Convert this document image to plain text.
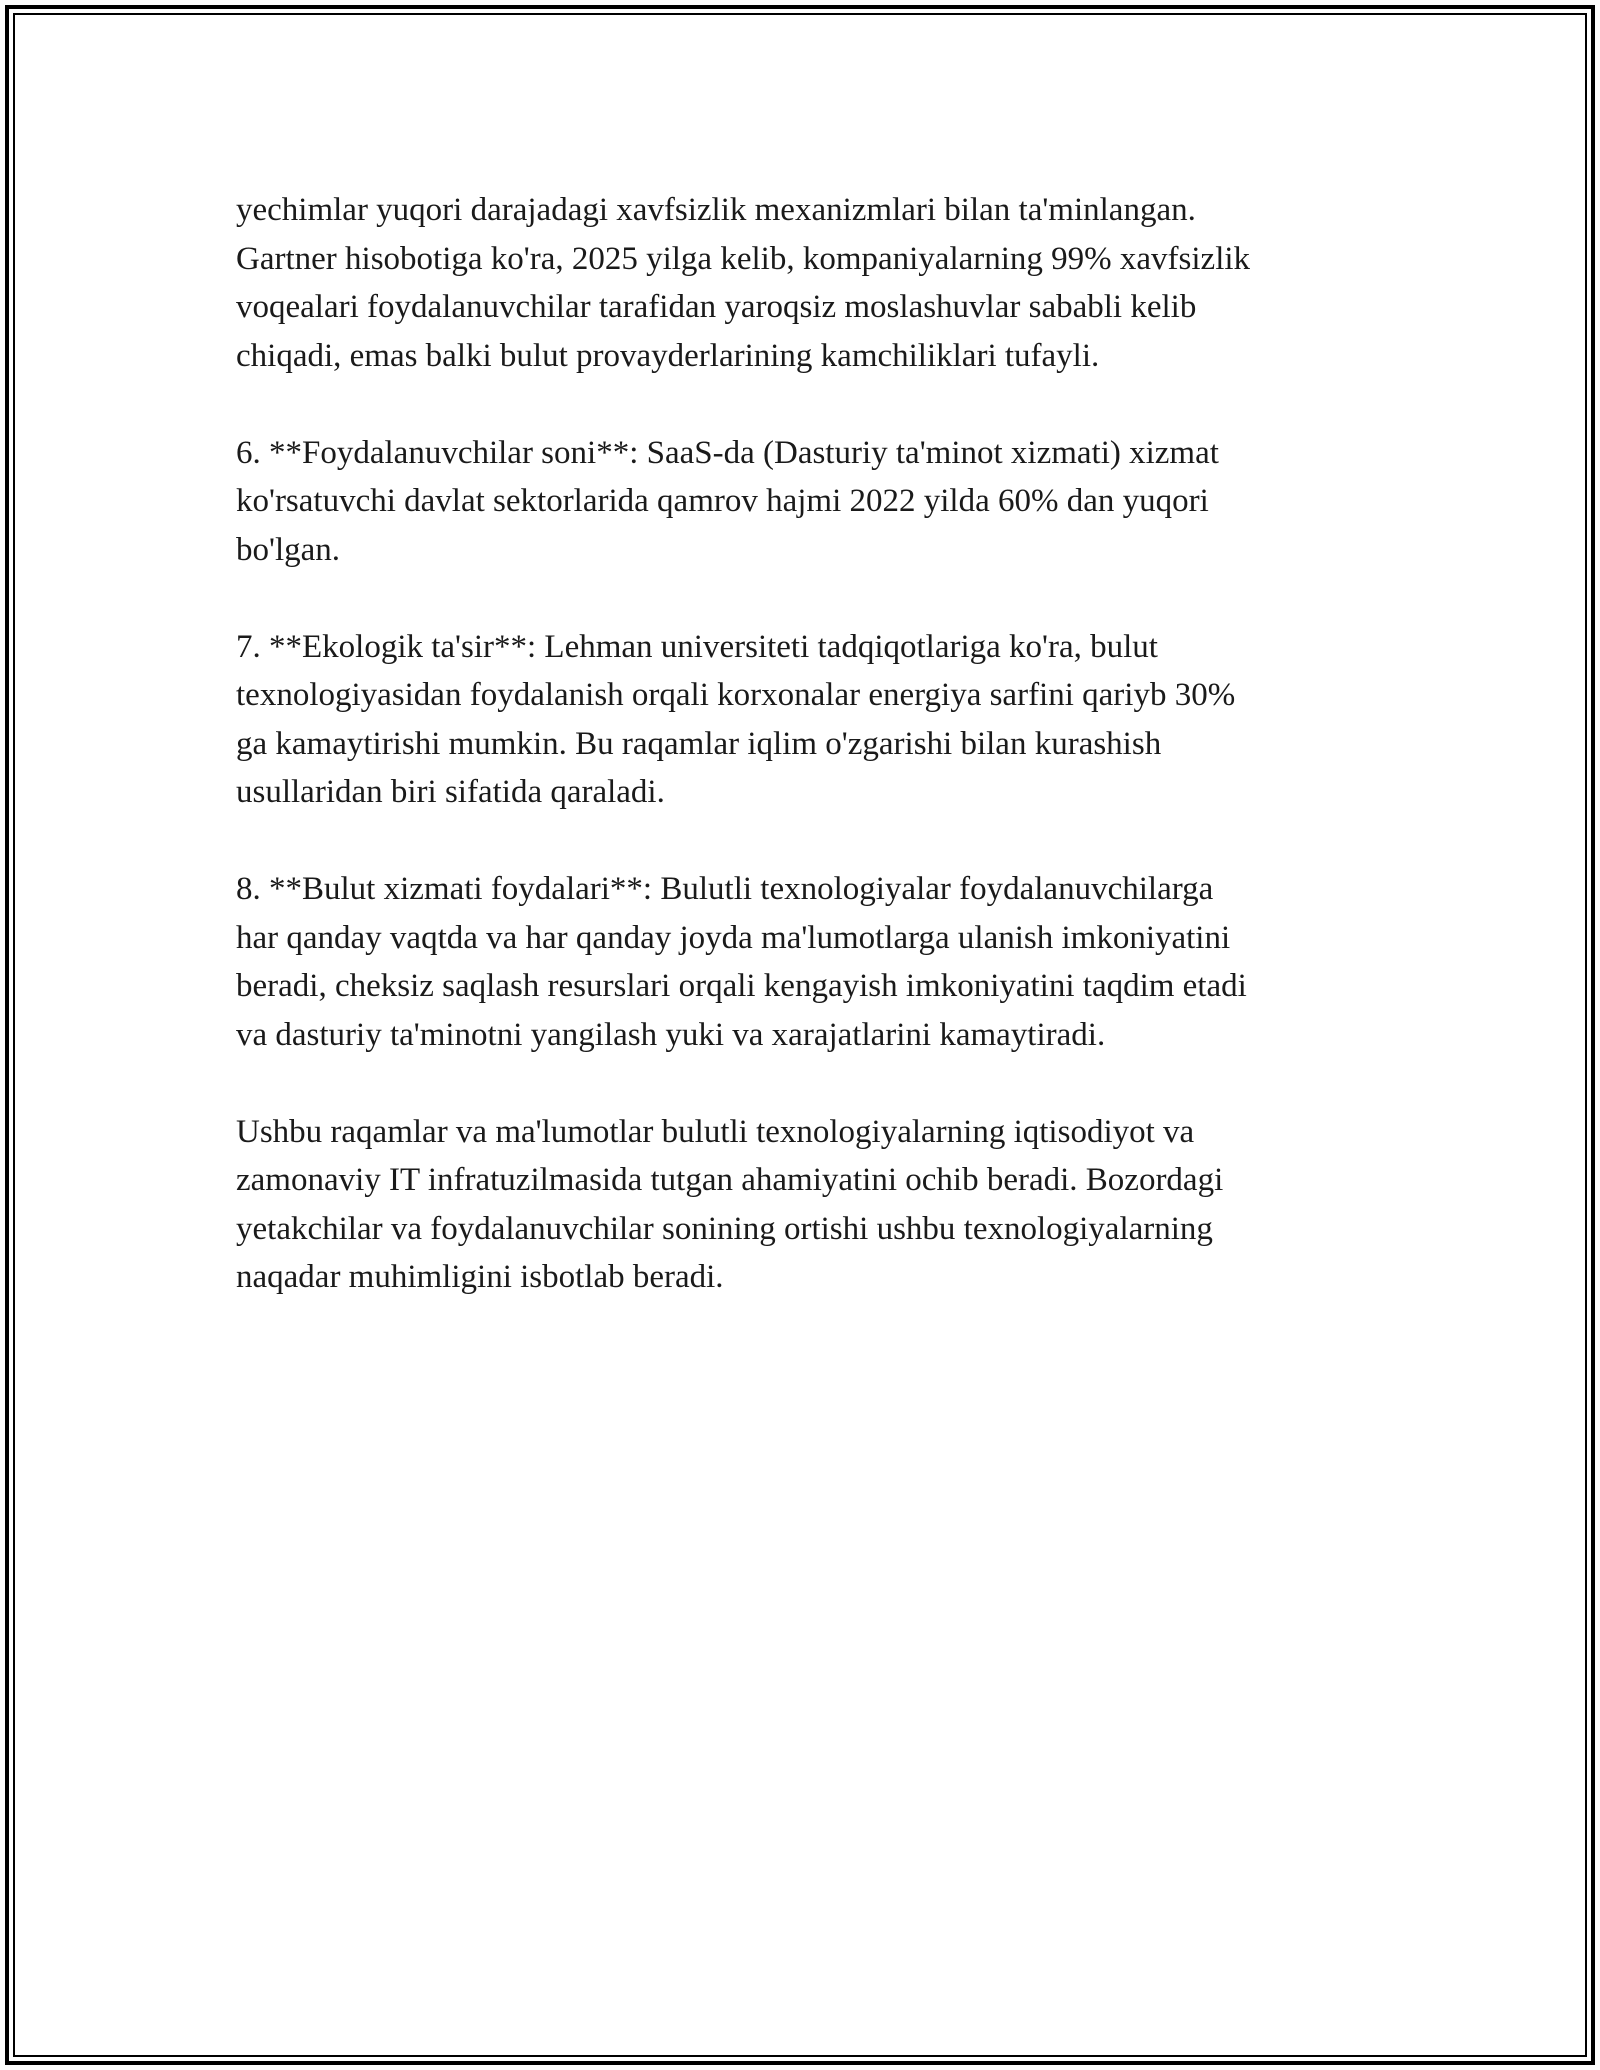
yechimlar yuqori darajadagi xavfsizlik mexanizmlari bilan ta'minlangan.
Gartner hisobotiga ko'ra, 2025 yilga kelib, kompaniyalarning 99% xavfsizlik
voqealari foydalanuvchilar tarafidan yaroqsiz moslashuvlar sababli kelib
chiqadi, emas balki bulut provayderlarining kamchiliklari tufayli.

6. **Foydalanuvchilar soni**: SaaS-da (Dasturiy ta'minot xizmati) xizmat
ko'rsatuvchi davlat sektorlarida qamrov hajmi 2022 yilda 60% dan yuqori
bo'lgan.

7. **Ekologik ta'sir**: Lehman universiteti tadqiqotlariga ko'ra, bulut
texnologiyasidan foydalanish orqali korxonalar energiya sarfini qariyb 30%
ga kamaytirishi mumkin. Bu raqamlar iqlim o'zgarishi bilan kurashish
usullaridan biri sifatida qaraladi.

8. **Bulut xizmati foydalari**: Bulutli texnologiyalar foydalanuvchilarga
har qanday vaqtda va har qanday joyda ma'lumotlarga ulanish imkoniyatini
beradi, cheksiz saqlash resurslari orqali kengayish imkoniyatini taqdim etadi
va dasturiy ta'minotni yangilash yuki va xarajatlarini kamaytiradi.

Ushbu raqamlar va ma'lumotlar bulutli texnologiyalarning iqtisodiyot va
zamonaviy IT infratuzilmasida tutgan ahamiyatini ochib beradi. Bozordagi
yetakchilar va foydalanuvchilar sonining ortishi ushbu texnologiyalarning
naqadar muhimligini isbotlab beradi.
